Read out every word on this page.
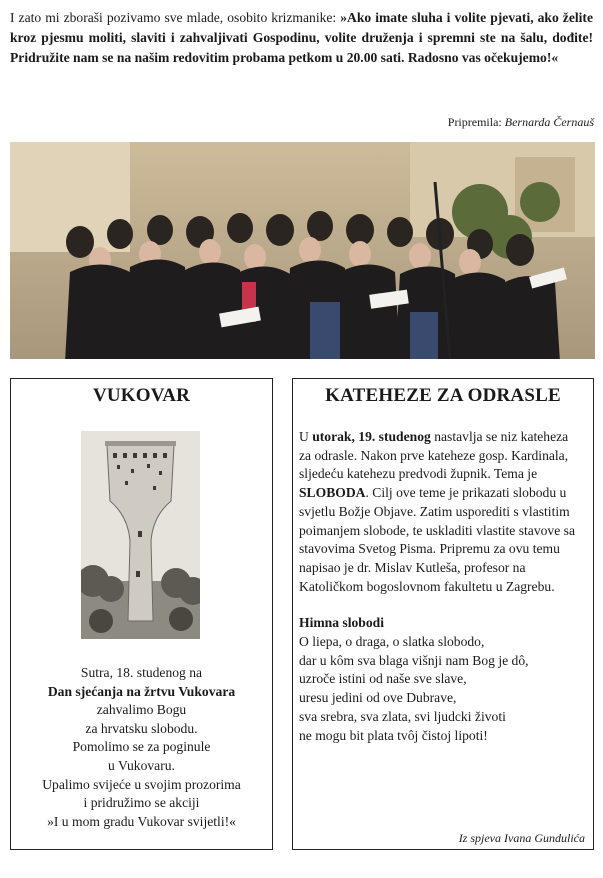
I zato mi zboraši pozivamo sve mlade, osobito krizmanike: »Ako imate sluha i volite pjevati, ako želite kroz pjesmu moliti, slaviti i zahvaljivati Gospodinu, volite druženja i spremni ste na šalu, dođite! Pridružite nam se na našim redovitim probama petkom u 20.00 sati. Radosno vas očekujemo!«
Pripremila: Bernarda Černauš
VUKOVAR
Sutra, 18. studenog na
Dan sjećanja na žrtvu Vukovara
zahvalimo Bogu
za hrvatsku slobodu.
Pomolimo se za poginule
u Vukovaru.
Upalimo svijeće u svojim prozorima
i pridružimo se akciji
»I u mom gradu Vukovar svijetli!«
KATEHEZE ZA ODRASLE
U utorak, 19. studenog nastavlja se niz kateheza za odrasle. Nakon prve kateheze gosp. Kardinala, sljedeću katehezu predvodi župnik. Tema je SLOBODA. Cilj ove teme je prikazati slobodu u svjetlu Božje Objave. Zatim usporediti s vlastitim poimanjem slobode, te uskladiti vlastite stavove sa stavovima Svetog Pisma. Pripremu za ovu temu napisao je dr. Mislav Kutleša, profesor na Katoličkom bogoslovnom fakultetu u Zagrebu.
Himna slobodi
O liepa, o draga, o slatka slobodo,
dar u kôm sva blaga višnji nam Bog je dô,
uzroče istini od naše sve slave,
uresu jedini od ove Dubrave,
sva srebra, sva zlata, svi ljudcki životi
ne mogu bit plata tvôj čistoj lipoti!
Iz spjeva Ivana Gundulića
